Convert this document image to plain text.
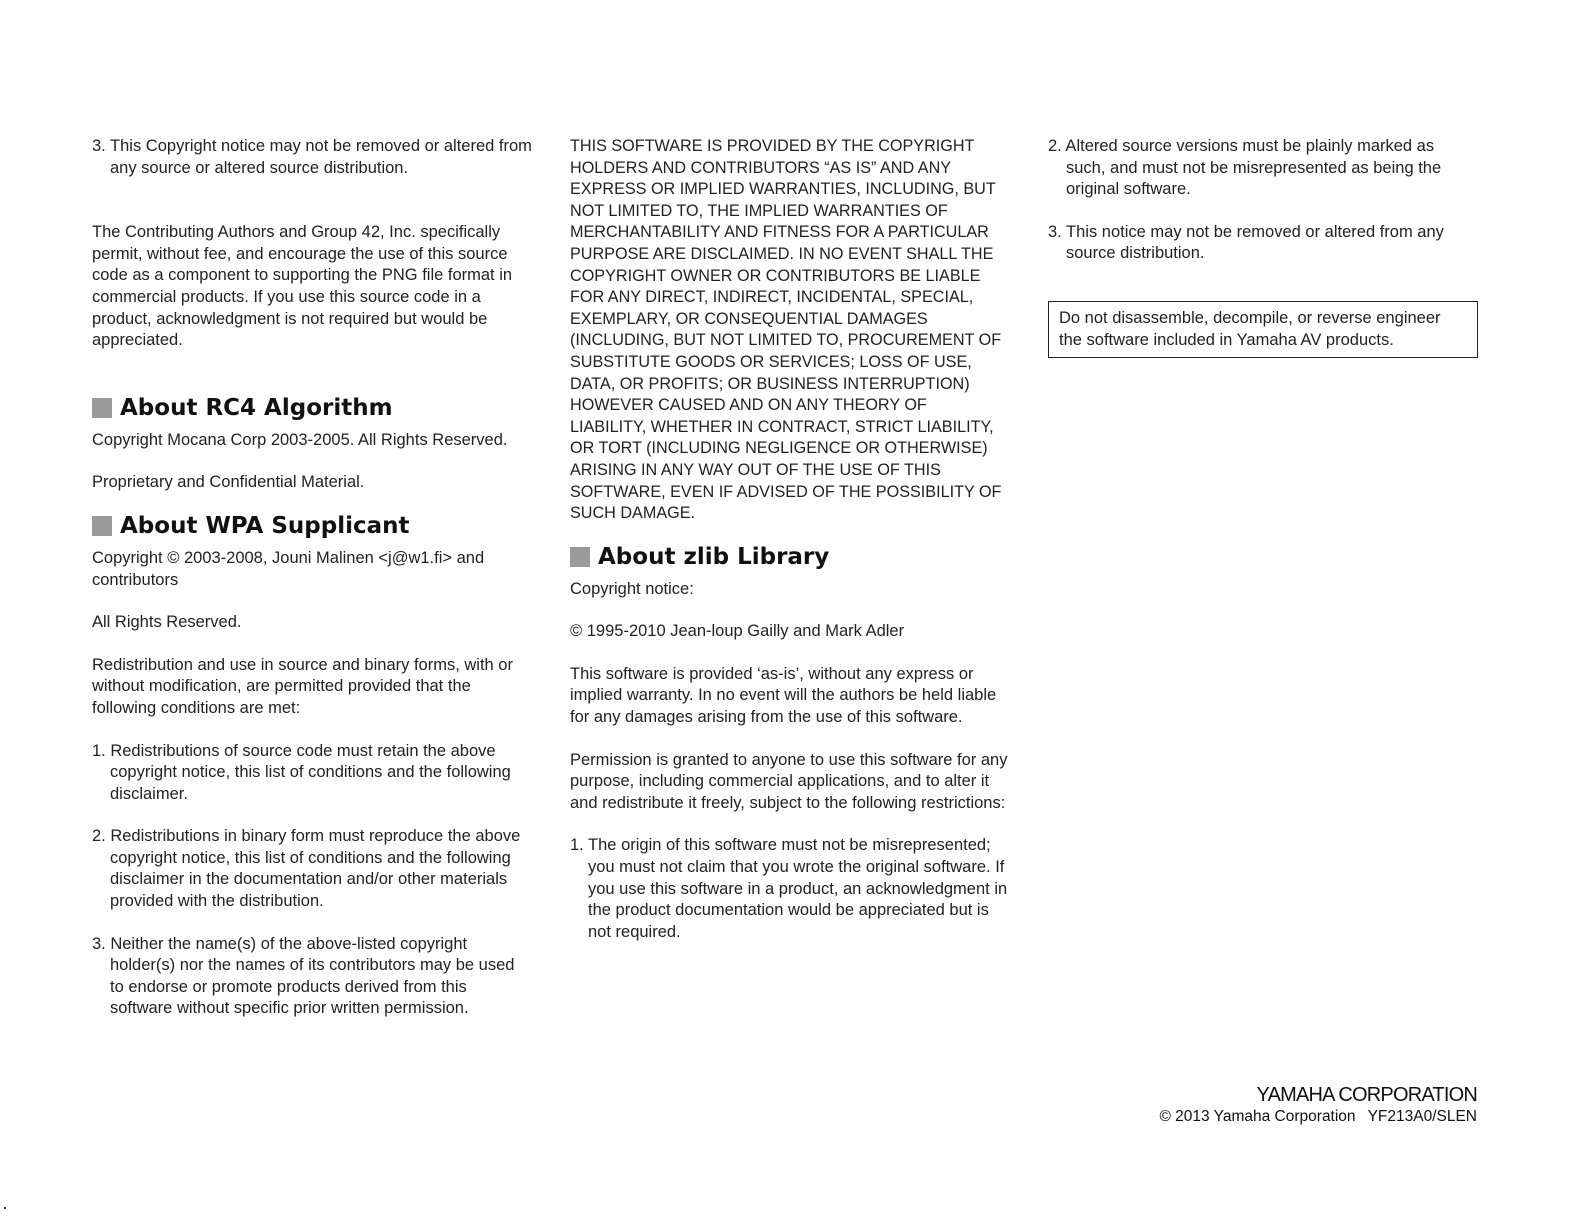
3. This Copyright notice may not be removed or altered from any source or altered source distribution.

The Contributing Authors and Group 42, Inc. specifically permit, without fee, and encourage the use of this source code as a component to supporting the PNG file format in commercial products. If you use this source code in a product, acknowledgment is not required but would be appreciated.

About RC4 Algorithm

Copyright Mocana Corp 2003-2005. All Rights Reserved.

Proprietary and Confidential Material.

About WPA Supplicant

Copyright © 2003-2008, Jouni Malinen <j@w1.fi> and contributors

All Rights Reserved.

Redistribution and use in source and binary forms, with or without modification, are permitted provided that the following conditions are met:

1. Redistributions of source code must retain the above copyright notice, this list of conditions and the following disclaimer.

2. Redistributions in binary form must reproduce the above copyright notice, this list of conditions and the following disclaimer in the documentation and/or other materials provided with the distribution.

3. Neither the name(s) of the above-listed copyright holder(s) nor the names of its contributors may be used to endorse or promote products derived from this software without specific prior written permission.

THIS SOFTWARE IS PROVIDED BY THE COPYRIGHT HOLDERS AND CONTRIBUTORS “AS IS” AND ANY EXPRESS OR IMPLIED WARRANTIES, INCLUDING, BUT NOT LIMITED TO, THE IMPLIED WARRANTIES OF MERCHANTABILITY AND FITNESS FOR A PARTICULAR PURPOSE ARE DISCLAIMED. IN NO EVENT SHALL THE COPYRIGHT OWNER OR CONTRIBUTORS BE LIABLE FOR ANY DIRECT, INDIRECT, INCIDENTAL, SPECIAL, EXEMPLARY, OR CONSEQUENTIAL DAMAGES (INCLUDING, BUT NOT LIMITED TO, PROCUREMENT OF SUBSTITUTE GOODS OR SERVICES; LOSS OF USE, DATA, OR PROFITS; OR BUSINESS INTERRUPTION) HOWEVER CAUSED AND ON ANY THEORY OF LIABILITY, WHETHER IN CONTRACT, STRICT LIABILITY, OR TORT (INCLUDING NEGLIGENCE OR OTHERWISE) ARISING IN ANY WAY OUT OF THE USE OF THIS SOFTWARE, EVEN IF ADVISED OF THE POSSIBILITY OF SUCH DAMAGE.

About zlib Library

Copyright notice:

© 1995-2010 Jean-loup Gailly and Mark Adler

This software is provided ‘as-is’, without any express or implied warranty. In no event will the authors be held liable for any damages arising from the use of this software.

Permission is granted to anyone to use this software for any purpose, including commercial applications, and to alter it and redistribute it freely, subject to the following restrictions:

1. The origin of this software must not be misrepresented; you must not claim that you wrote the original software. If you use this software in a product, an acknowledgment in the product documentation would be appreciated but is not required.

2. Altered source versions must be plainly marked as such, and must not be misrepresented as being the original software.

3. This notice may not be removed or altered from any source distribution.

Do not disassemble, decompile, or reverse engineer the software included in Yamaha AV products.

YAMAHA CORPORATION
© 2013 Yamaha Corporation YF213A0/SLEN
